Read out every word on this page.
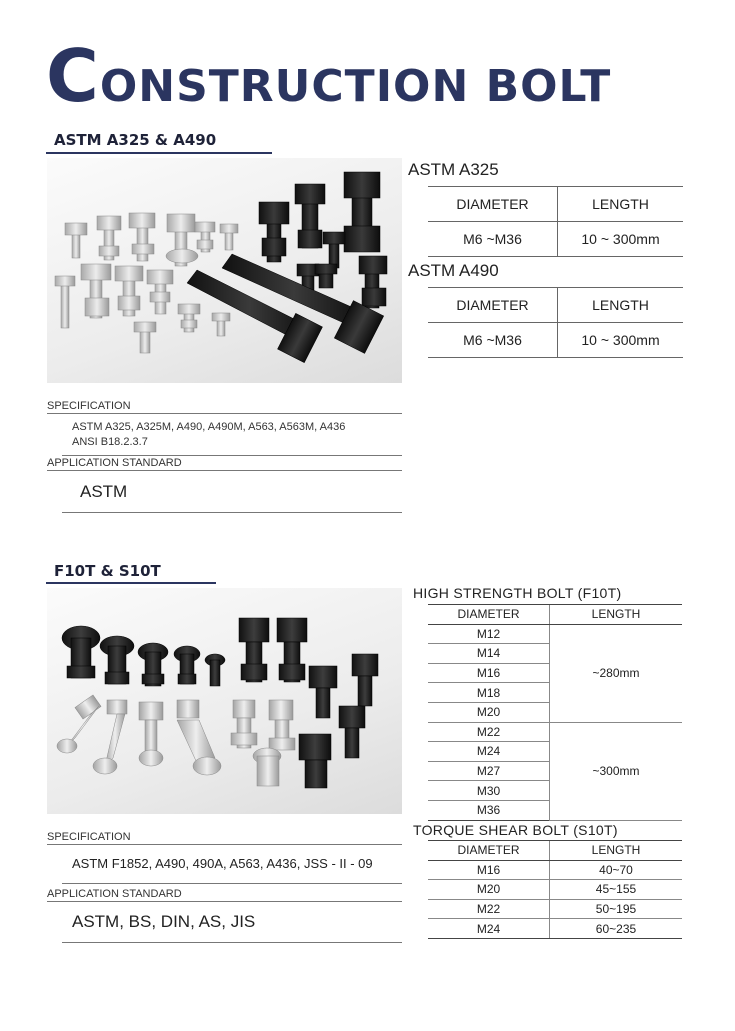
CONSTRUCTION BOLT
ASTM A325 & A490
ASTM A325
DIAMETER	LENGTH
M6 ~M36	10 ~ 300mm
ASTM A490
DIAMETER	LENGTH
M6 ~M36	10 ~ 300mm
SPECIFICATION
ASTM A325, A325M, A490, A490M, A563, A563M, A436
ANSI B18.2.3.7
APPLICATION STANDARD
ASTM
F10T & S10T
HIGH STRENGTH BOLT (F10T)
DIAMETER	LENGTH
M12	~280mm
M14	
M16	
M18	
M20	
M22	~300mm
M24	
M27	
M30	
M36	
TORQUE SHEAR BOLT (S10T)
DIAMETER	LENGTH
M16	40~70
M20	45~155
M22	50~195
M24	60~235
SPECIFICATION
ASTM F1852, A490, 490A, A563, A436, JSS - II - 09
APPLICATION STANDARD
ASTM, BS, DIN, AS, JIS
